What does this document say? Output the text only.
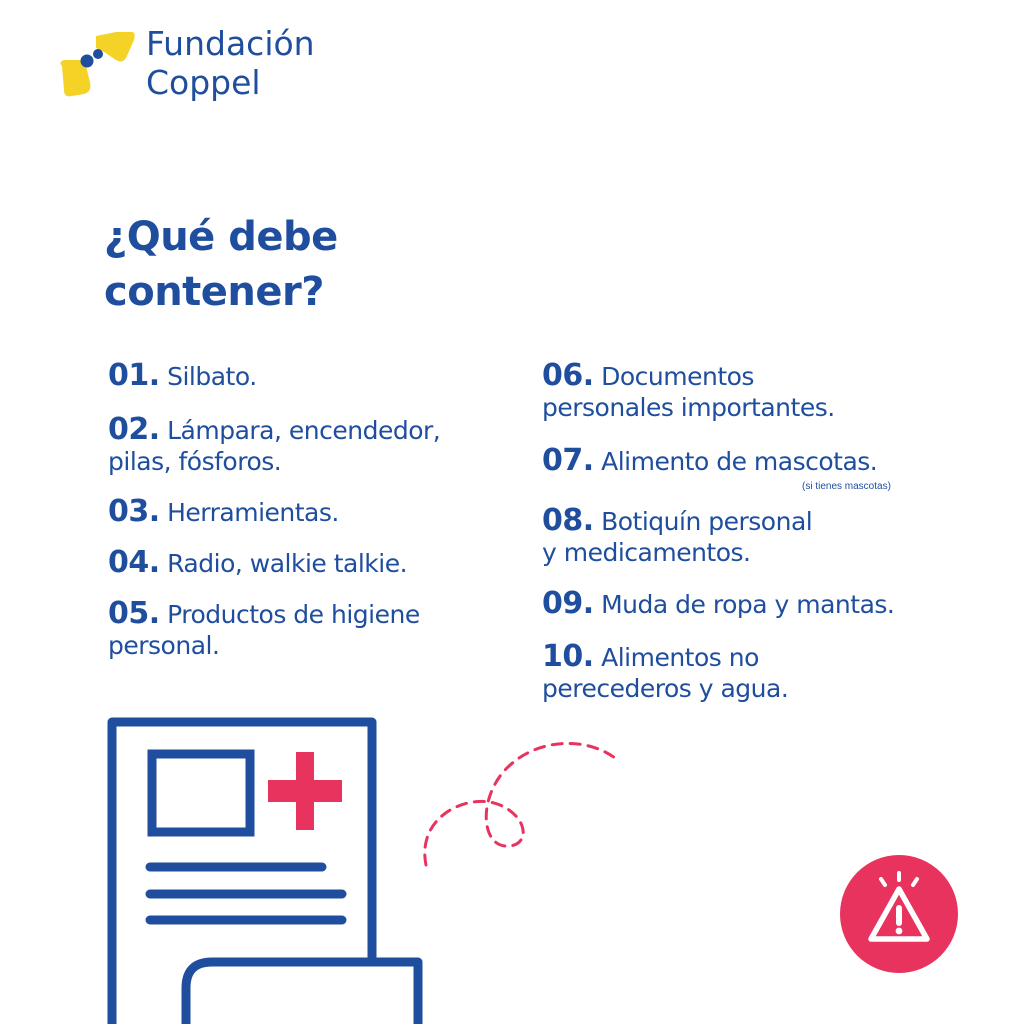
Fundación
Coppel
¿Qué debe
contener?
01. Silbato.
02. Lámpara, encendedor,
pilas, fósforos.
03. Herramientas.
04. Radio, walkie talkie.
05. Productos de higiene
personal.
06. Documentos
personales importantes.
07. Alimento de mascotas.
(si tienes mascotas)
08. Botiquín personal
y medicamentos.
09. Muda de ropa y mantas.
10. Alimentos no
perecederos y agua.
